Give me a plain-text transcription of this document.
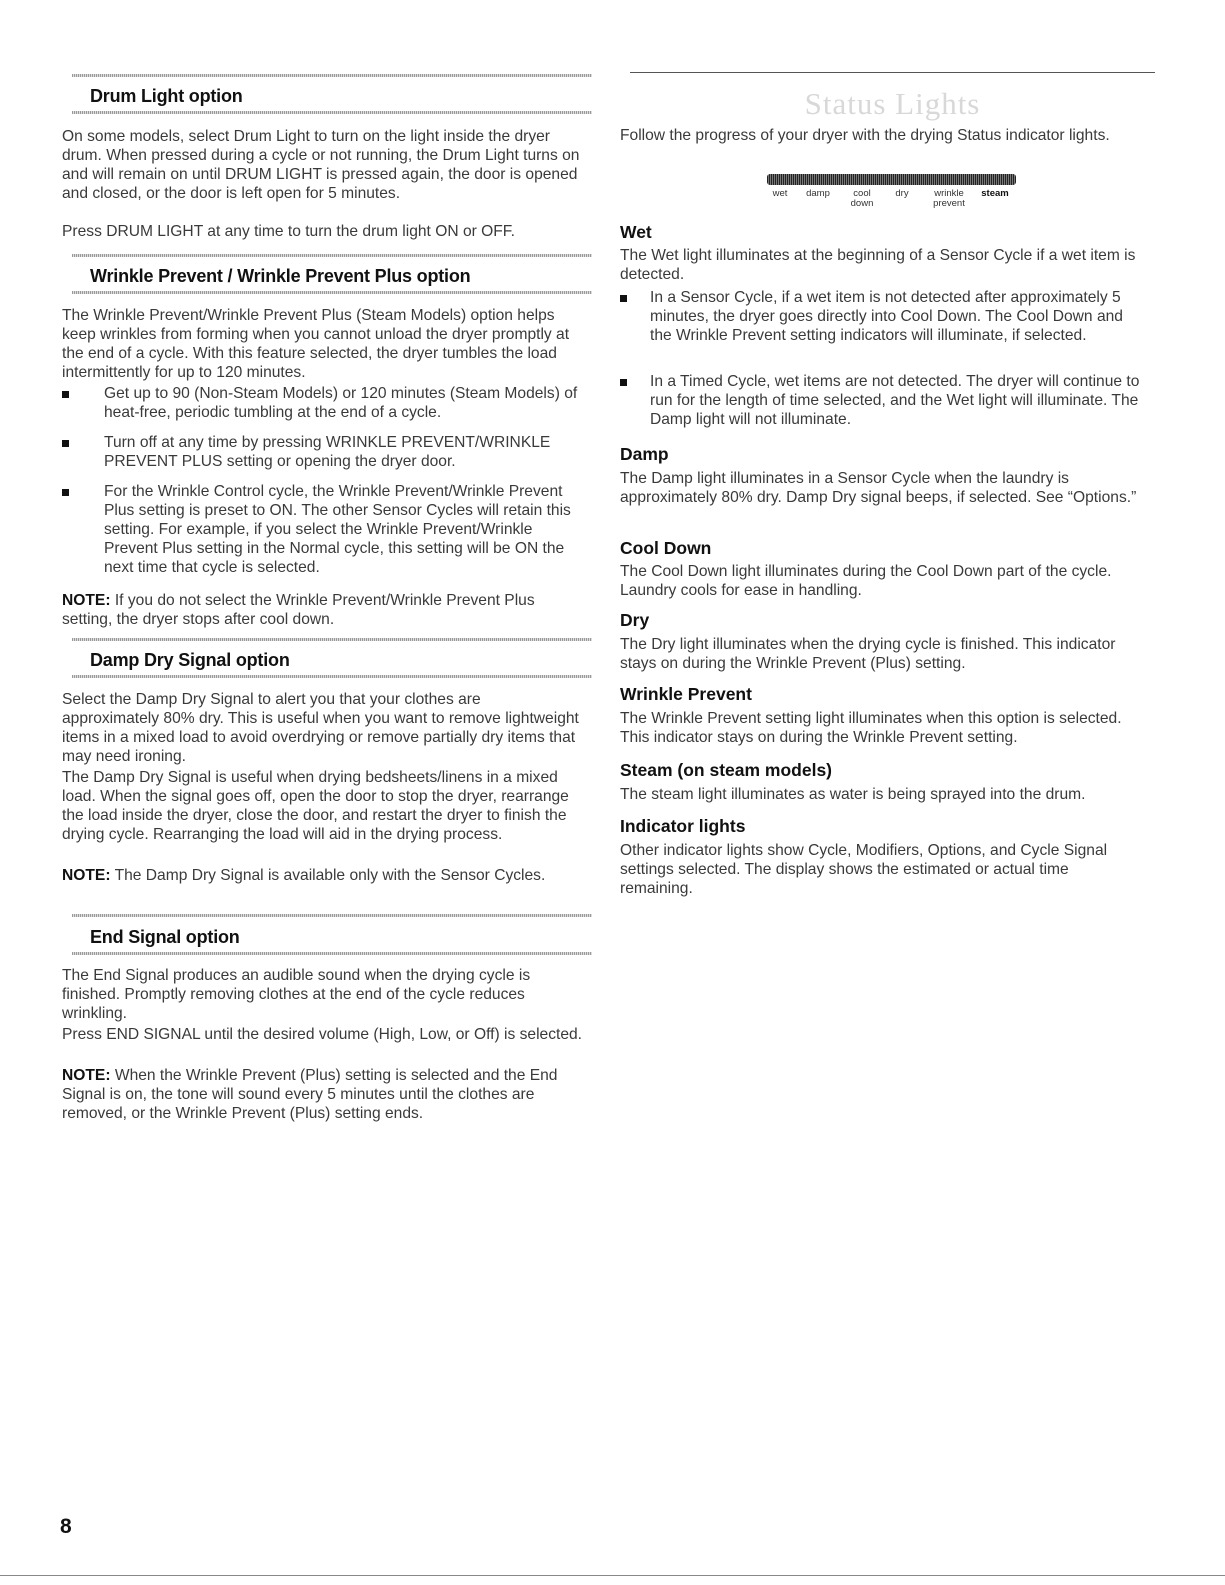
Drum Light option

On some models, select Drum Light to turn on the light inside the dryer drum. When pressed during a cycle or not running, the Drum Light turns on and will remain on until DRUM LIGHT is pressed again, the door is opened and closed, or the door is left open for 5 minutes.

Press DRUM LIGHT at any time to turn the drum light ON or OFF.

Wrinkle Prevent / Wrinkle Prevent Plus option

The Wrinkle Prevent/Wrinkle Prevent Plus (Steam Models) option helps keep wrinkles from forming when you cannot unload the dryer promptly at the end of a cycle. With this feature selected, the dryer tumbles the load intermittently for up to 120 minutes.

Get up to 90 (Non-Steam Models) or 120 minutes (Steam Models) of heat-free, periodic tumbling at the end of a cycle.
Turn off at any time by pressing WRINKLE PREVENT/WRINKLE PREVENT PLUS setting or opening the dryer door.
For the Wrinkle Control cycle, the Wrinkle Prevent/Wrinkle Prevent Plus setting is preset to ON. The other Sensor Cycles will retain this setting. For example, if you select the Wrinkle Prevent/Wrinkle Prevent Plus setting in the Normal cycle, this setting will be ON the next time that cycle is selected.

NOTE: If you do not select the Wrinkle Prevent/Wrinkle Prevent Plus setting, the dryer stops after cool down.

Damp Dry Signal option

Select the Damp Dry Signal to alert you that your clothes are approximately 80% dry. This is useful when you want to remove lightweight items in a mixed load to avoid overdrying or remove partially dry items that may need ironing.

The Damp Dry Signal is useful when drying bedsheets/linens in a mixed load. When the signal goes off, open the door to stop the dryer, rearrange the load inside the dryer, close the door, and restart the dryer to finish the drying cycle. Rearranging the load will aid in the drying process.

NOTE: The Damp Dry Signal is available only with the Sensor Cycles.

End Signal option

The End Signal produces an audible sound when the drying cycle is finished. Promptly removing clothes at the end of the cycle reduces wrinkling.

Press END SIGNAL until the desired volume (High, Low, or Off) is selected.

NOTE: When the Wrinkle Prevent (Plus) setting is selected and the End Signal is on, the tone will sound every 5 minutes until the clothes are removed, or the Wrinkle Prevent (Plus) setting ends.

Status Lights

Follow the progress of your dryer with the drying Status indicator lights.

wet	damp	cool
down
dry	wrinkle
prevent
steam
Wet

The Wet light illuminates at the beginning of a Sensor Cycle if a wet item is detected.

In a Sensor Cycle, if a wet item is not detected after approximately 5 minutes, the dryer goes directly into Cool Down. The Cool Down and the Wrinkle Prevent setting indicators will illuminate, if selected.
In a Timed Cycle, wet items are not detected. The dryer will continue to run for the length of time selected, and the Wet light will illuminate. The Damp light will not illuminate.
Damp

The Damp light illuminates in a Sensor Cycle when the laundry is approximately 80% dry. Damp Dry signal beeps, if selected. See “Options.”

Cool Down

The Cool Down light illuminates during the Cool Down part of the cycle. Laundry cools for ease in handling.

Dry

The Dry light illuminates when the drying cycle is finished. This indicator stays on during the Wrinkle Prevent (Plus) setting.

Wrinkle Prevent

The Wrinkle Prevent setting light illuminates when this option is selected. This indicator stays on during the Wrinkle Prevent setting.

Steam (on steam models)

The steam light illuminates as water is being sprayed into the drum.

Indicator lights

Other indicator lights show Cycle, Modifiers, Options, and Cycle Signal settings selected. The display shows the estimated or actual time remaining.

8
